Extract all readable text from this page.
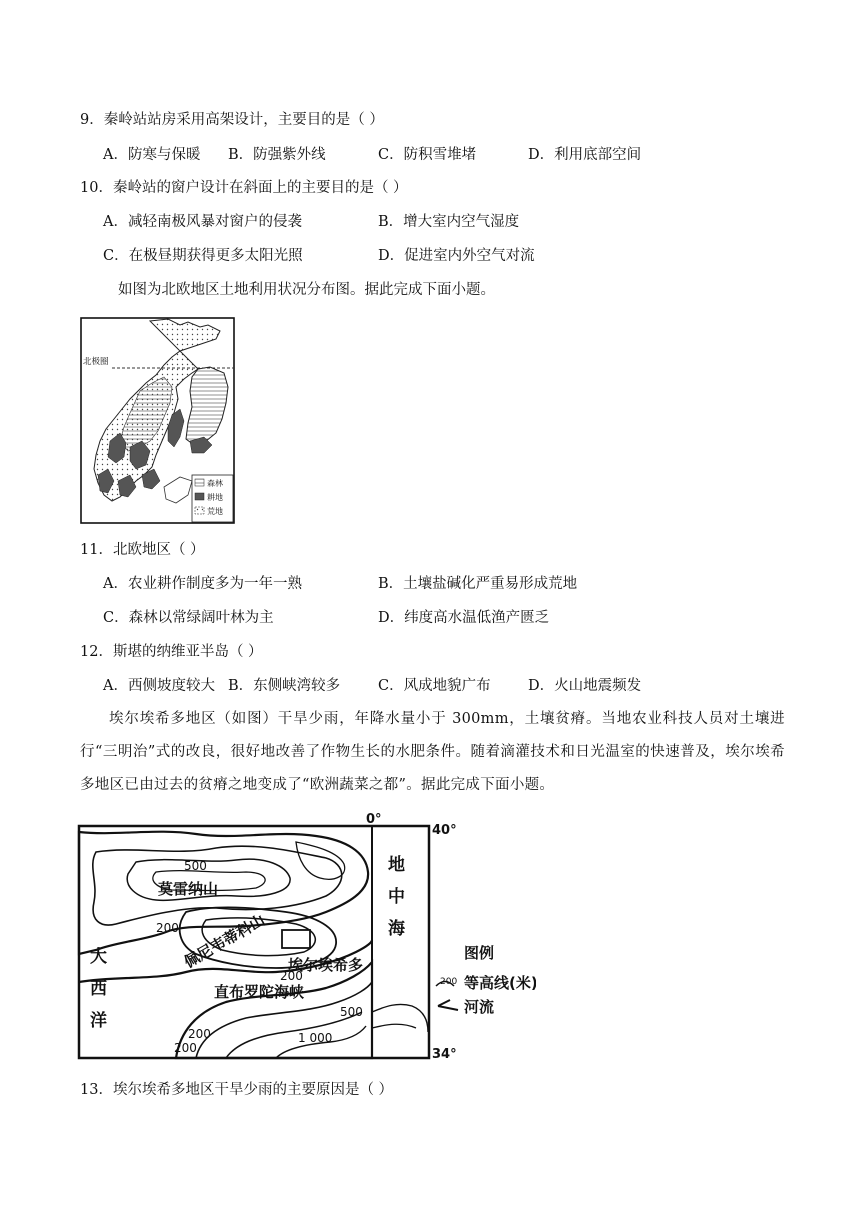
9．秦岭站站房采用高架设计，主要目的是（ ）
A．防寒与保暖 B．防强紫外线	C．防积雪堆堵	D．利用底部空间
10．秦岭站的窗户设计在斜面上的主要目的是（ ）
A．减轻南极风暴对窗户的侵袭	B．增大室内空气湿度
C．在极昼期获得更多太阳光照	D．促进室内外空气对流
如图为北欧地区土地利用状况分布图。据此完成下面小题。
北极圈
森林
耕地
荒地
11．北欧地区（ ）
A．农业耕作制度多为一年一熟	B．土壤盐碱化严重易形成荒地
C．森林以常绿阔叶林为主	D．纬度高水温低渔产匮乏
12．斯堪的纳维亚半岛（ ）
A．西侧坡度较大 B．东侧峡湾较多	C．风成地貌广布	D．火山地震频发
埃尔埃希多地区（如图）干旱少雨，年降水量小于 300mm，土壤贫瘠。当地农业科技人员对土壤进行“三明治”式的改良，很好地改善了作物生长的水肥条件。随着滴灌技术和日光温室的快速普及，埃尔埃希多地区已由过去的贫瘠之地变成了“欧洲蔬菜之都”。据此完成下面小题。
0°
40°
34°
地
中
海
大
西
洋
莫雷纳山
佩尼韦蒂科山 埃尔埃希多
直布罗陀海峡
500
200
200
500
200
200
1 000
图例
200 等高线(米)
河流
13．埃尔埃希多地区干旱少雨的主要原因是（ ）
